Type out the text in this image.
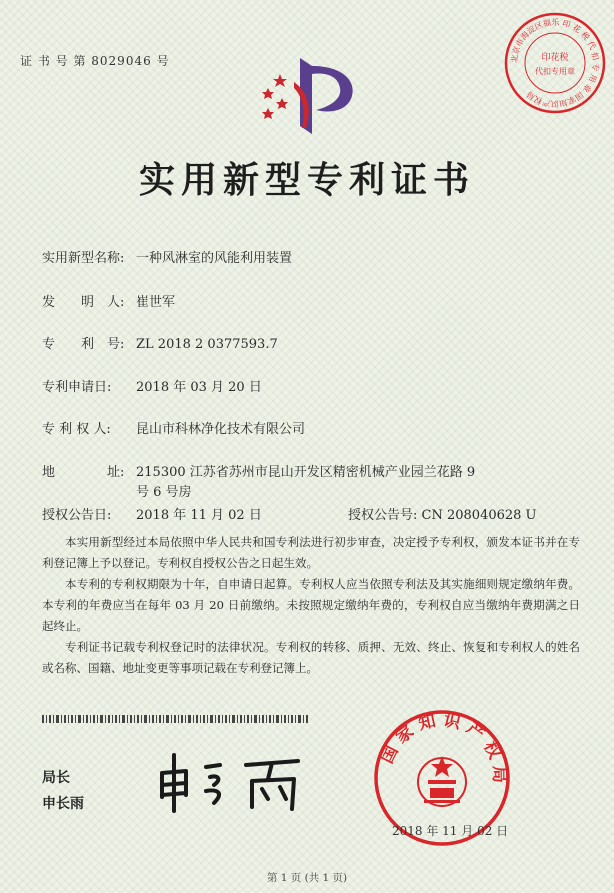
证 书 号 第 8029046 号	北京市海淀区福乐 印 花 税 代 扣 专 用 章 国家知识产权局
印花税
代扣专用章
实用新型专利证书
实用新型名称: 一种风淋室的风能利用装置
发　　明　人: 崔世军
专　　利　号: ZL 2018 2 0377593.7
专利申请日: 2018 年 03 月 20 日
专 利 权 人: 昆山市科林净化技术有限公司
地　　　　址: 215300 江苏省苏州市昆山开发区精密机械产业园兰花路 9
号 6 号房
授权公告日: 2018 年 11 月 02 日	授权公告号: CN 208040628 U
本实用新型经过本局依照中华人民共和国专利法进行初步审查，决定授予专利权，颁发本证书并在专利登记簿上予以登记。专利权自授权公告之日起生效。
本专利的专利权期限为十年，自申请日起算。专利权人应当依照专利法及其实施细则规定缴纳年费。本专利的年费应当在每年 03 月 20 日前缴纳。未按照规定缴纳年费的，专利权自应当缴纳年费期满之日起终止。
专利证书记载专利权登记时的法律状况。专利权的转移、质押、无效、终止、恢复和专利权人的姓名或名称、国籍、地址变更等事项记载在专利登记簿上。
局长
申长雨
国家知识产权局
2018 年 11 月 02 日
第 1 页 (共 1 页)
